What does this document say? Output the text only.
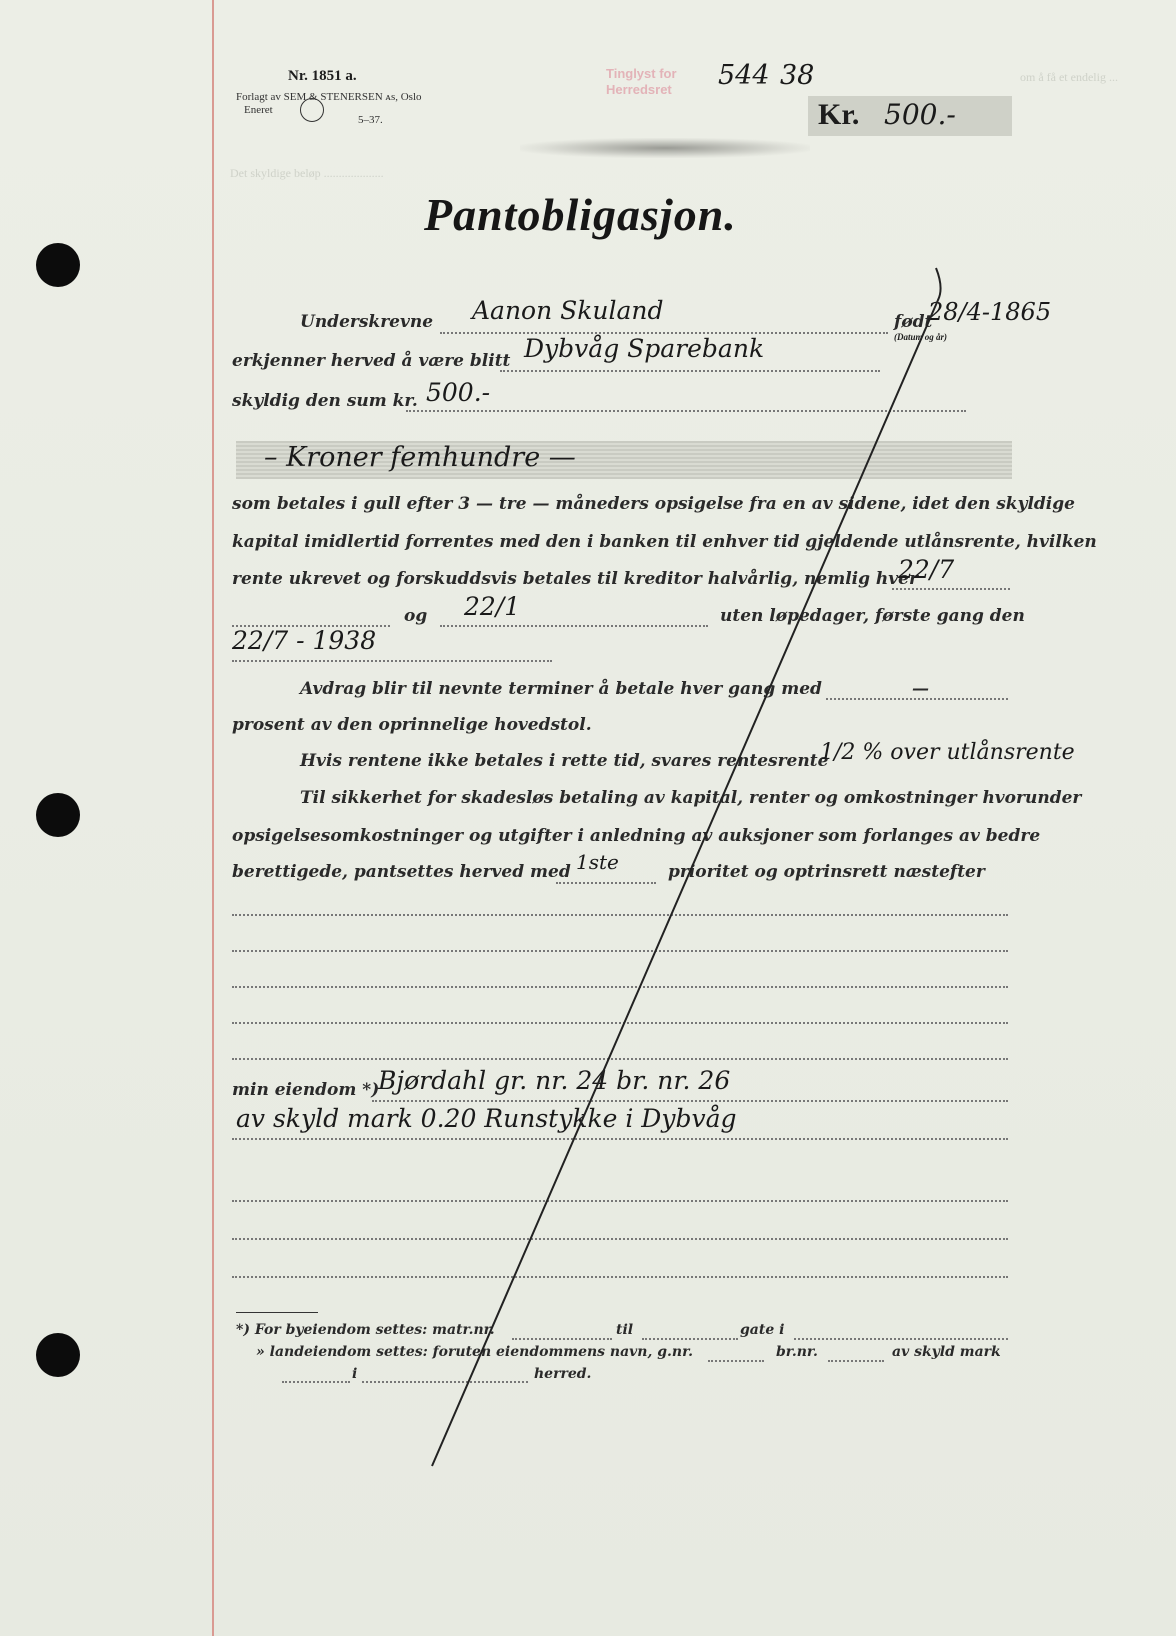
om å få et endelig ...
Det skyldige beløp ....................
Nr. 1851 a.
Forlagt av SEM & STENERSEN ᴀs, Oslo
Eneret
5–37.
Tinglyst for
Herredsret 544 38
Kr. 500.-
Pantobligasjon.
Underskrevne Aanon Skuland	født
28/4-1865
(Datum og år)
erkjenner herved å være blitt Dybvåg Sparebank
skyldig den sum kr. 500.-
– Kroner femhundre —
som betales i gull efter 3 — tre — måneders opsigelse fra en av sidene, idet den skyldige
kapital imidlertid forrentes med den i banken til enhver tid gjeldende utlånsrente, hvilken
rente ukrevet og forskuddsvis betales til kreditor halvårlig, nemlig hver
22/7
og 22/1	uten løpedager, første gang den
22/7 - 1938
Avdrag blir til nevnte terminer å betale hver gang med	—
prosent av den oprinnelige hovedstol.
Hvis rentene ikke betales i rette tid, svares rentesrente
1/2 % over utlånsrente
Til sikkerhet for skadesløs betaling av kapital, renter og omkostninger hvorunder
opsigelsesomkostninger og utgifter i anledning av auksjoner som forlanges av bedre
berettigede, pantsettes herved med 1ste	prioritet og optrinsrett næstefter
min eiendom *)
Bjørdahl gr. nr. 24 br. nr. 26
av skyld mark 0.20 Runstykke i Dybvåg
*) For byeiendom settes: matr.nr.	til	gate i
» landeiendom settes: foruten eiendommens navn, g.nr.	br.nr.	av skyld mark
i	herred.
